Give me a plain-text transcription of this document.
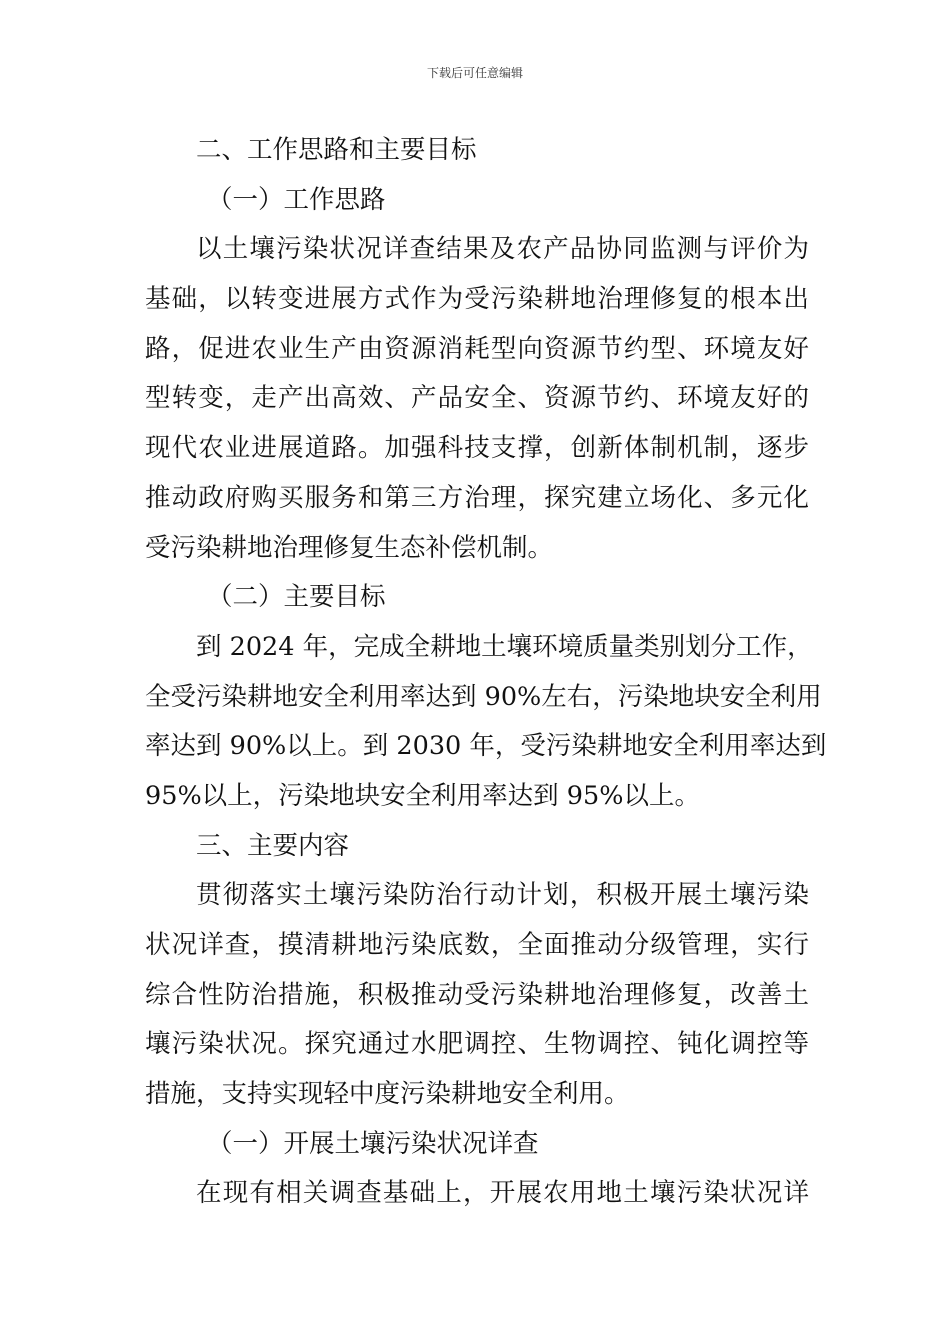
下载后可任意编辑
二、工作思路和主要目标
（一）工作思路
以土壤污染状况详查结果及农产品协同监测与评价为
基础，以转变进展方式作为受污染耕地治理修复的根本出
路，促进农业生产由资源消耗型向资源节约型、环境友好
型转变，走产出高效、产品安全、资源节约、环境友好的
现代农业进展道路。加强科技支撑，创新体制机制，逐步
推动政府购买服务和第三方治理，探究建立场化、多元化
受污染耕地治理修复生态补偿机制。
（二）主要目标
到 2024 年，完成全耕地土壤环境质量类别划分工作，
全受污染耕地安全利用率达到 90%左右，污染地块安全利用
率达到 90%以上。到 2030 年，受污染耕地安全利用率达到
95%以上，污染地块安全利用率达到 95%以上。
三、主要内容
贯彻落实土壤污染防治行动计划，积极开展土壤污染
状况详查，摸清耕地污染底数，全面推动分级管理，实行
综合性防治措施，积极推动受污染耕地治理修复，改善土
壤污染状况。探究通过水肥调控、生物调控、钝化调控等
措施，支持实现轻中度污染耕地安全利用。
（一）开展土壤污染状况详查
在现有相关调查基础上，开展农用地土壤污染状况详
